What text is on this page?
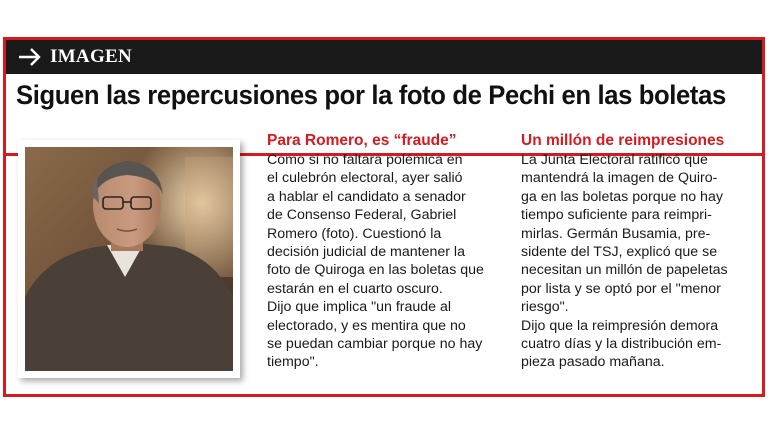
IMAGEN
Siguen las repercusiones por la foto de Pechi en las boletas
Para Romero, es “fraude”
Como si no faltara polémica en
el culebrón electoral, ayer salió
a hablar el candidato a senador
de Consenso Federal, Gabriel
Romero (foto). Cuestionó la
decisión judicial de mantener la
foto de Quiroga en las boletas que
estarán en el cuarto oscuro.
Dijo que implica "un fraude al
electorado, y es mentira que no
se puedan cambiar porque no hay
tiempo".
Un millón de reimpresiones
La Junta Electoral ratificó que
mantendrá la imagen de Quiro-
ga en las boletas porque no hay
tiempo suficiente para reimpri-
mirlas. Germán Busamia, pre-
sidente del TSJ, explicó que se
necesitan un millón de papeletas
por lista y se optó por el "menor
riesgo".
Dijo que la reimpresión demora
cuatro días y la distribución em-
pieza pasado mañana.
